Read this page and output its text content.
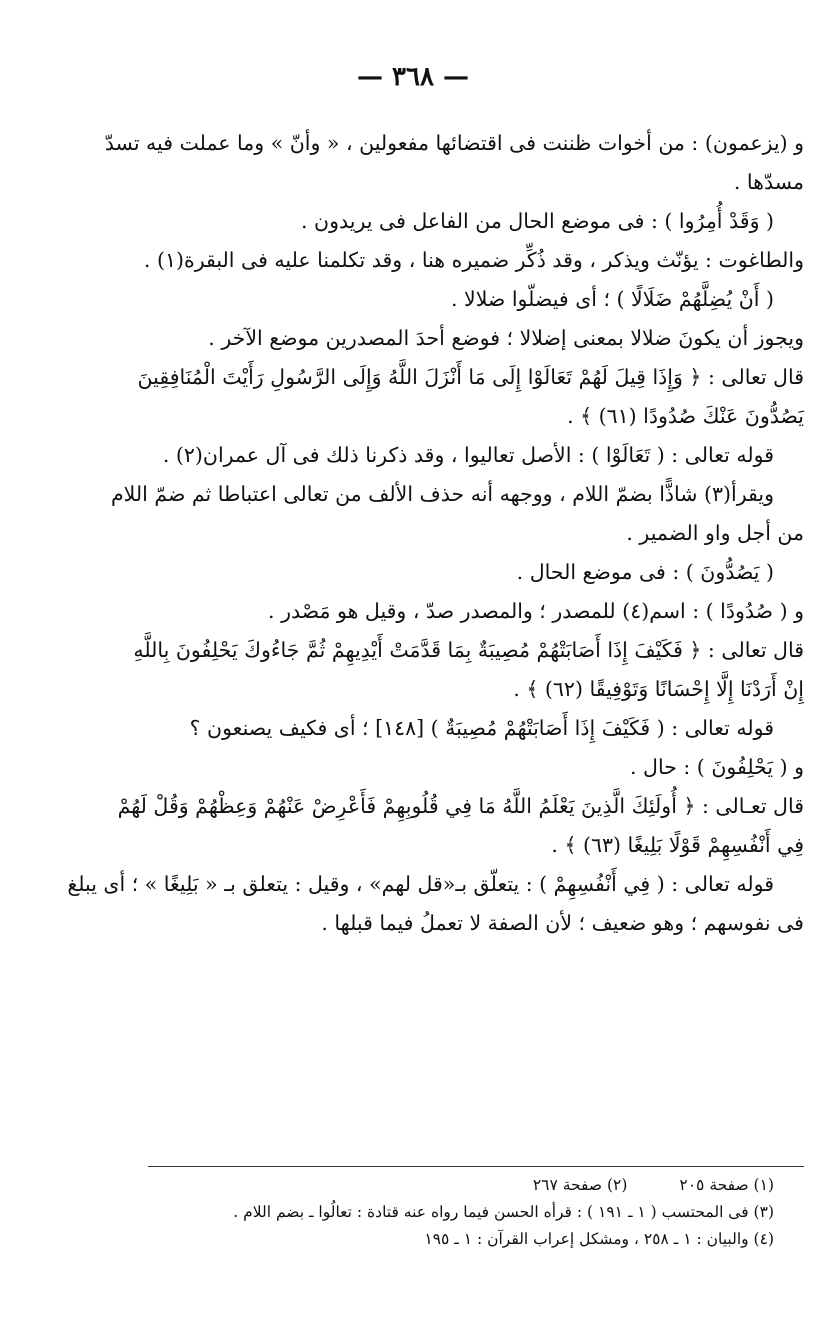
— ٣٦٨ —

و (يزعمون) : من أخوات ظننت فى اقتضائها مفعولين ، « وأنّ » وما عملت فيه تسدّ

مسدّها .

( وَقَدْ أُمِرُوا ) : فى موضع الحال من الفاعل فى يريدون .

والطاغوت : يؤنّث ويذكر ، وقد ذُكِّر ضميره هنا ، وقد تكلمنا عليه فى البقرة(١) .

( أَنْ يُضِلَّهُمْ ضَلَالًا ) ؛ أى فيضلّوا ضلالا .

ويجوز أن يكونَ ضلالا بمعنى إضلالا ؛ فوضع أحدَ المصدرين موضع الآخر .

قال تعالى : ﴿ وَإِذَا قِيلَ لَهُمْ تَعَالَوْا إِلَى مَا أَنْزَلَ اللَّهُ وَإِلَى الرَّسُولِ رَأَيْتَ الْمُنَافِقِينَ

يَصُدُّونَ عَنْكَ صُدُودًا (٦١) ﴾ .

قوله تعالى : ( تَعَالَوْا ) : الأصل تعاليوا ، وقد ذكرنا ذلك فى آل عمران(٢) .

ويقرأ(٣) شاذًّا بضمّ اللام ، ووجهه أنه حذف الألف من تعالى اعتباطا ثم ضمّ اللام

من أجل واو الضمير .

( يَصُدُّونَ ) : فى موضع الحال .

و ( صُدُودًا ) : اسم(٤) للمصدر ؛ والمصدر صدّ ، وقيل هو مَصْدر .

قال تعالى : ﴿ فَكَيْفَ إِذَا أَصَابَتْهُمْ مُصِيبَةٌ بِمَا قَدَّمَتْ أَيْدِيهِمْ ثُمَّ جَاءُوكَ يَحْلِفُونَ بِاللَّهِ

إِنْ أَرَدْنَا إِلَّا إِحْسَانًا وَتَوْفِيقًا (٦٢) ﴾ .

قوله تعالى : ( فَكَيْفَ إِذَا أَصَابَتْهُمْ مُصِيبَةٌ ) [١٤٨] ؛ أى فكيف يصنعون ؟

و ( يَحْلِفُونَ ) : حال .

قال تعـالى : ﴿ أُولَئِكَ الَّذِينَ يَعْلَمُ اللَّهُ مَا فِي قُلُوبِهِمْ فَأَعْرِضْ عَنْهُمْ وَعِظْهُمْ وَقُلْ لَهُمْ

فِي أَنْفُسِهِمْ قَوْلًا بَلِيغًا (٦٣) ﴾ .

قوله تعالى : ( فِي أَنْفُسِهِمْ ) : يتعلّق بـ«قل لهم» ، وقيل : يتعلق بـ « بَلِيغًا » ؛ أى يبلغ

فى نفوسهم ؛ وهو ضعيف ؛ لأن الصفة لا تعملُ فيما قبلها .

(١) صفحة ٢٠٥(٢) صفحة ٢٦٧

(٣) فى المحتسب ( ١ ـ ١٩١ ) : قرأه الحسن فيما رواه عنه قتادة : تعالُوا ـ بضم اللام .

(٤) والبيان : ١ ـ ٢٥٨ ، ومشكل إعراب القرآن : ١ ـ ١٩٥
